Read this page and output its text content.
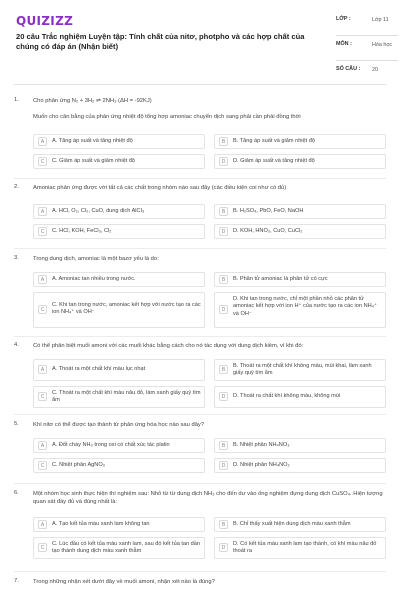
QUIZIZZ
20 câu Trắc nghiệm Luyện tập: Tính chất của nitơ, photpho và các hợp chất của chúng có đáp án (Nhận biết)
LỚP :	Lớp 11
MÔN :	Hóa học
SỐ CÂU : 20
1. Cho phản ứng N₂ + 3H₂ ⇌ 2NH₃ (ΔH = -92KJ)
Muốn cho cân bằng của phản ứng nhiệt độ tổng hợp amoniac chuyển dịch sang phải cần phải đồng thời
A	A. Tăng áp suất và tăng nhiệt độ	B	B. Tăng áp suất và giảm nhiệt độ
C	C. Giảm áp suất và giảm nhiệt độ	D	D. Giảm áp suất và tăng nhiệt độ
2. Amoniac phản ứng được với tất cả các chất trong nhóm nào sau đây (các điều kiện coi như có đủ)
A	A. HCl, O₂, Cl₂, CuO, dung dịch AlCl₃	B	B. H₂SO₄, PbO, FeO, NaOH
C	C. HCl, KOH, FeCl₃, Cl₂	D	D. KOH, HNO₃, CuO, CuCl₂
3. Trong dung dịch, amoniac là một bazơ yếu là do:
A	A. Amoniac tan nhiều trong nước.	B	B. Phân tử amoniac là phân tử có cực
C
C. Khi tan trong nước, amoniac kết hợp với nước tạo ra các ion NH₄⁺ và OH⁻	D
D. Khi tan trong nước, chỉ một phần nhỏ các phân tử amoniac kết hợp với ion H⁺ của nước tạo ra các ion NH₄⁺ và OH⁻
4. Có thể phân biệt muối amoni với các muối khác bằng cách cho nó tác dụng với dung dịch kiềm, vì khi đó:
A	A. Thoát ra một chất khí màu lục nhạt	B
B. Thoát ra một chất khí không màu, mùi khai, làm xanh giấy quỳ tím ẩm
C
C. Thoát ra một chất khí màu nâu đỏ, làm xanh giấy quỳ tím ẩm
D	D. Thoát ra chất khí không màu, không mùi
5. Khí nitơ có thể được tạo thành từ phản ứng hóa học nào sau đây?
A	A. Đốt cháy NH₃ trong oxi có chất xúc tác platin	B	B. Nhiệt phân NH₄NO₃
C	C. Nhiệt phân AgNO₃	D	D. Nhiệt phân NH₄NO₂
6. Một nhóm học sinh thực hiện thí nghiệm sau: Nhỏ từ từ dung dịch NH₃ cho đến dư vào ống nghiệm đựng dung dịch CuSO₄. Hiện tượng quan sát đầy đủ và đúng nhất là:
A	A. Tạo kết tủa màu xanh lam không tan	B	B. Chỉ thấy xuất hiện dung dịch màu xanh thẫm
C
C. Lúc đầu có kết tủa màu xanh lam, sau đó kết tủa tan dần tạo thành dung dịch màu xanh thẫm
D
D. Có kết tủa màu xanh lam tạo thành, có khí màu nâu đỏ thoát ra
7. Trong những nhận xét dưới đây về muối amoni, nhận xét nào là đúng?
